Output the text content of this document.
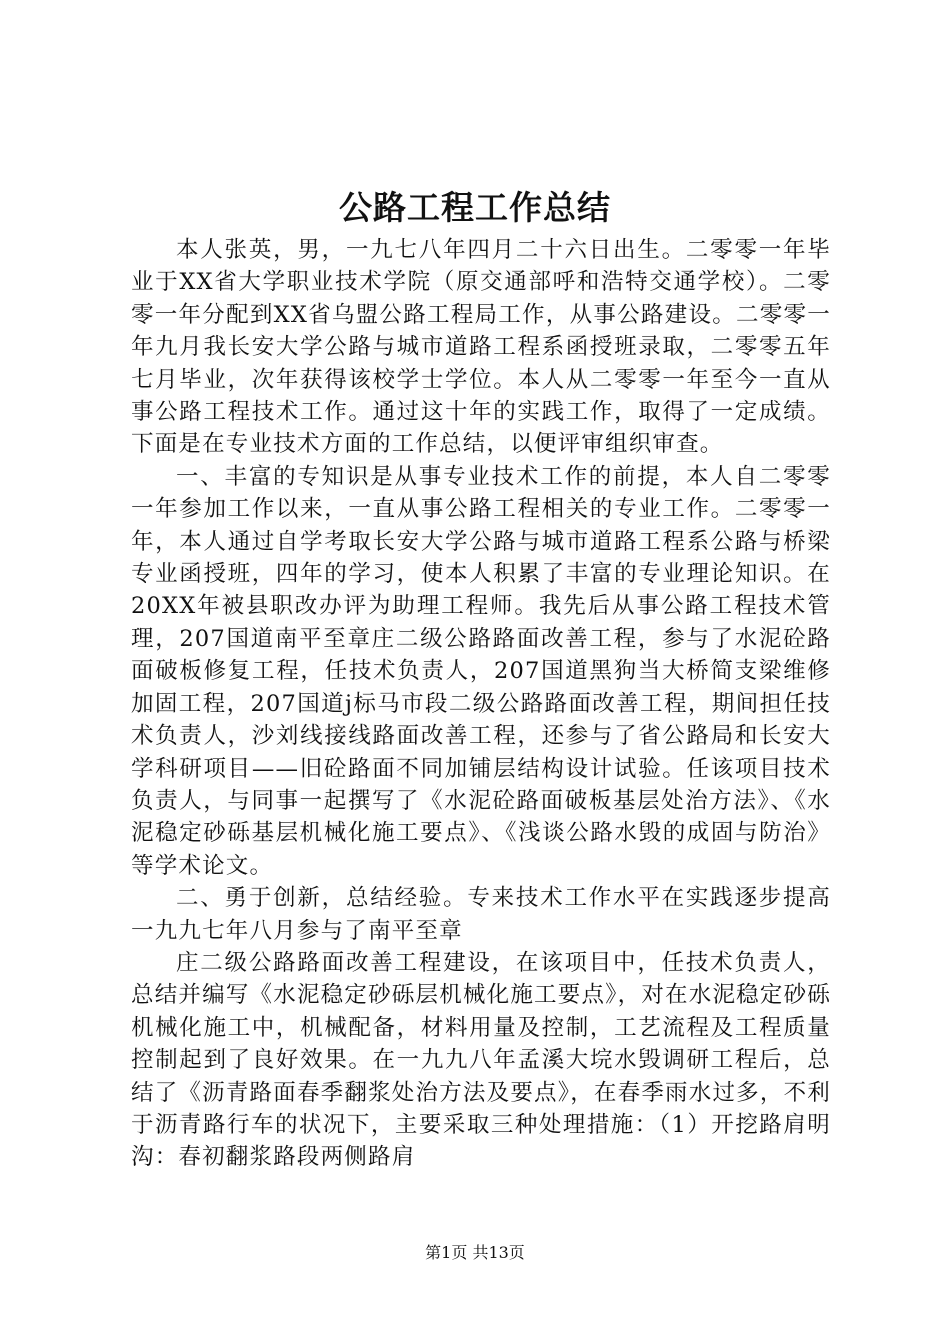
公路工程工作总结

本人张英，男，一九七八年四月二十六日出生。二零零一年毕业于XX省大学职业技术学院（原交通部呼和浩特交通学校）。二零零一年分配到XX省乌盟公路工程局工作，从事公路建设。二零零一年九月我长安大学公路与城市道路工程系函授班录取，二零零五年七月毕业，次年获得该校学士学位。本人从二零零一年至今一直从事公路工程技术工作。通过这十年的实践工作，取得了一定成绩。下面是在专业技术方面的工作总结，以便评审组织审查。

一、丰富的专知识是从事专业技术工作的前提，本人自二零零一年参加工作以来，一直从事公路工程相关的专业工作。二零零一年，本人通过自学考取长安大学公路与城市道路工程系公路与桥梁专业函授班，四年的学习，使本人积累了丰富的专业理论知识。在20XX年被县职改办评为助理工程师。我先后从事公路工程技术管理，207国道南平至章庄二级公路路面改善工程，参与了水泥砼路面破板修复工程，任技术负责人，207国道黑狗当大桥简支梁维修加固工程，207国道j标马市段二级公路路面改善工程，期间担任技术负责人，沙刘线接线路面改善工程，还参与了省公路局和长安大学科研项目——旧砼路面不同加铺层结构设计试验。任该项目技术负责人，与同事一起撰写了《水泥砼路面破板基层处治方法》、《水泥稳定砂砾基层机械化施工要点》、《浅谈公路水毁的成固与防治》等学术论文。

二、勇于创新，总结经验。专来技术工作水平在实践逐步提高一九九七年八月参与了南平至章

庄二级公路路面改善工程建设，在该项目中，任技术负责人，总结并编写《水泥稳定砂砾层机械化施工要点》，对在水泥稳定砂砾机械化施工中，机械配备，材料用量及控制，工艺流程及工程质量控制起到了良好效果。在一九九八年孟溪大垸水毁调研工程后，总结了《沥青路面春季翻浆处治方法及要点》，在春季雨水过多，不利于沥青路行车的状况下，主要采取三种处理措施：（1）开挖路肩明沟：春初翻浆路段两侧路肩

第1页 共13页
